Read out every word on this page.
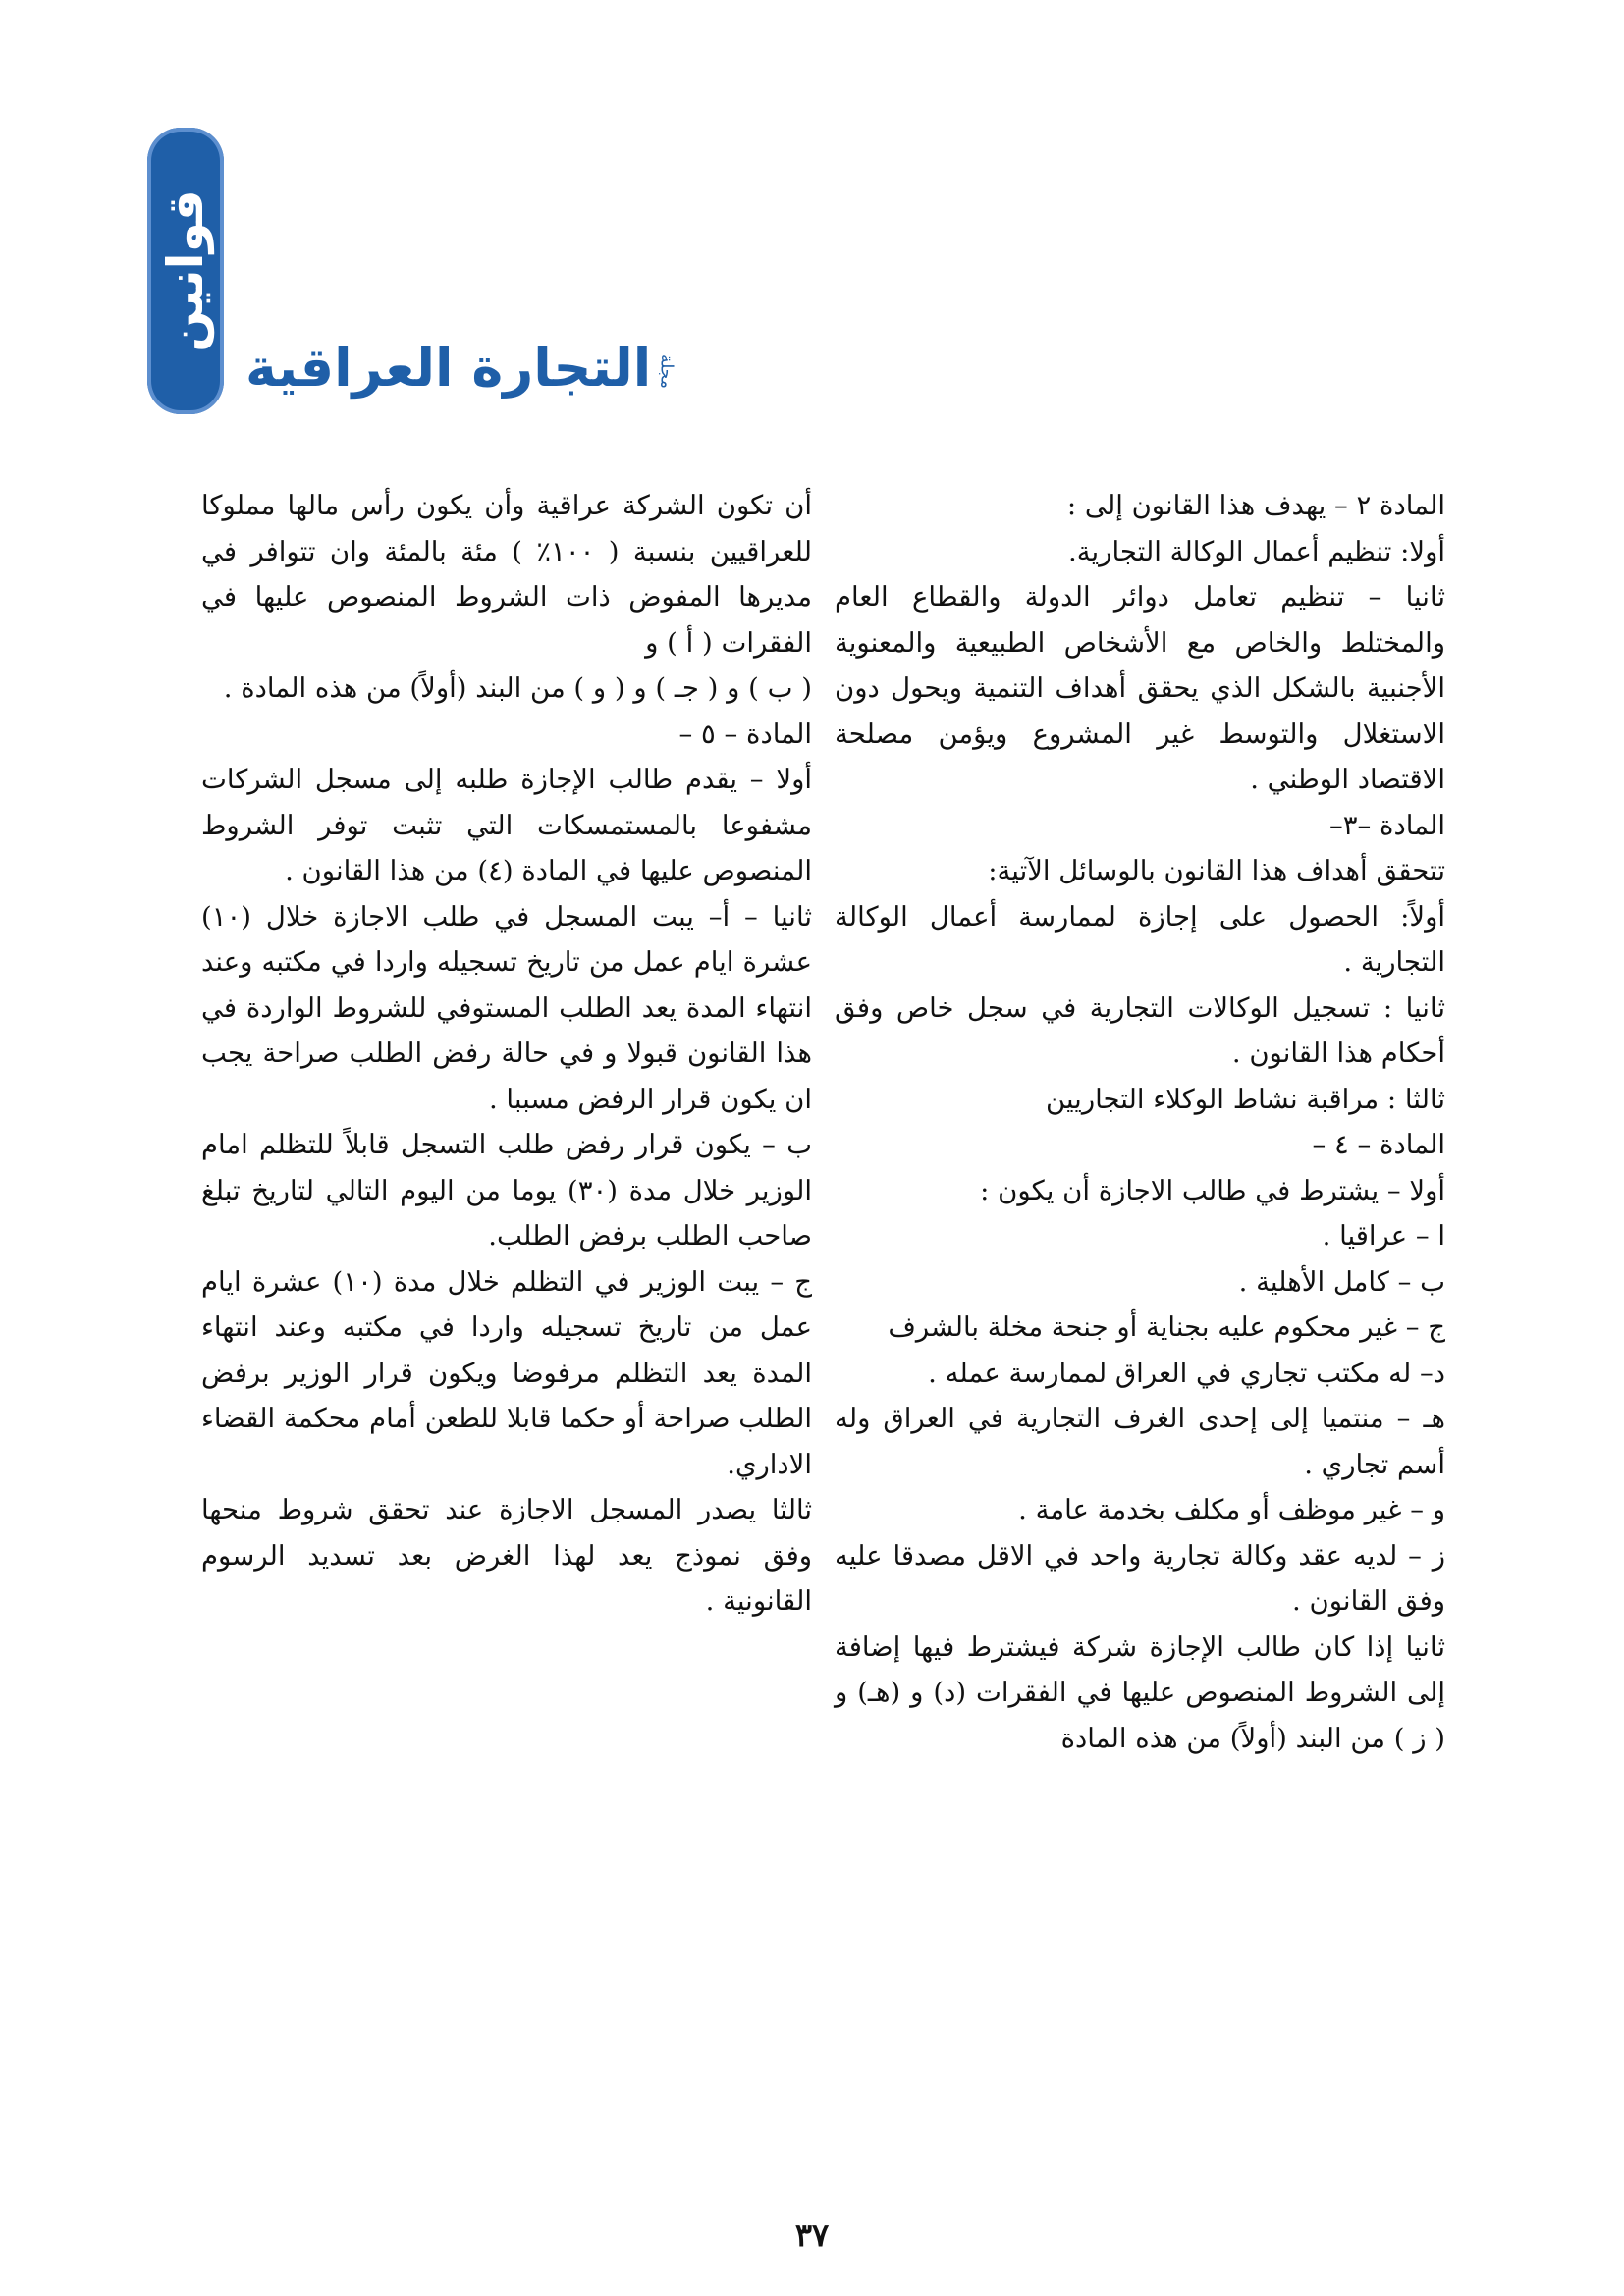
قوانين
التجارة العراقية مجلة

المادة ٢ – يهدف هذا القانون إلى :

أولا: تنظيم أعمال الوكالة التجارية.

ثانيا – تنظيم تعامل دوائر الدولة والقطاع العام والمختلط والخاص مع الأشخاص الطبيعية والمعنوية الأجنبية بالشكل الذي يحقق أهداف التنمية ويحول دون الاستغلال والتوسط غير المشروع ويؤمن مصلحة الاقتصاد الوطني .

المادة –٣–

تتحقق أهداف هذا القانون بالوسائل الآتية:

أولاً: الحصول على إجازة لممارسة أعمال الوكالة التجارية .

ثانيا : تسجيل الوكالات التجارية في سجل خاص وفق أحكام هذا القانون .

ثالثا : مراقبة نشاط الوكلاء التجاريين

المادة – ٤ –

أولا – يشترط في طالب الاجازة أن يكون :

ا – عراقيا .

ب – كامل الأهلية .

ج – غير محكوم عليه بجناية أو جنحة مخلة بالشرف

د– له مكتب تجاري في العراق لممارسة عمله .

هـ – منتميا إلى إحدى الغرف التجارية في العراق وله أسم تجاري .

و – غير موظف أو مكلف بخدمة عامة .

ز – لديه عقد وكالة تجارية واحد في الاقل مصدقا عليه وفق القانون .

ثانيا إذا كان طالب الإجازة شركة فيشترط فيها إضافة إلى الشروط المنصوص عليها في الفقرات (د) و (هـ) و ( ز ) من البند (أولاً) من هذه المادة

أن تكون الشركة عراقية وأن يكون رأس مالها مملوكا للعراقيين بنسبة ( ١٠٠٪ ) مئة بالمئة وان تتوافر في مديرها المفوض ذات الشروط المنصوص عليها في الفقرات ( أ ) و

( ب ) و ( جـ ) و ( و ) من البند (أولاً) من هذه المادة .

المادة – ٥ –

أولا – يقدم طالب الإجازة طلبه إلى مسجل الشركات مشفوعا بالمستمسكات التي تثبت توفر الشروط المنصوص عليها في المادة (٤) من هذا القانون .

ثانيا – أ– يبت المسجل في طلب الاجازة خلال (١٠) عشرة ايام عمل من تاريخ تسجيله واردا في مكتبه وعند انتهاء المدة يعد الطلب المستوفي للشروط الواردة في هذا القانون قبولا و في حالة رفض الطلب صراحة يجب ان يكون قرار الرفض مسببا .

ب – يكون قرار رفض طلب التسجل قابلاً للتظلم امام الوزير خلال مدة (٣٠) يوما من اليوم التالي لتاريخ تبلغ صاحب الطلب برفض الطلب.

ج – يبت الوزير في التظلم خلال مدة (١٠) عشرة ايام عمل من تاريخ تسجيله واردا في مكتبه وعند انتهاء المدة يعد التظلم مرفوضا ويكون قرار الوزير برفض الطلب صراحة أو حكما قابلا للطعن أمام محكمة القضاء الاداري.

ثالثا يصدر المسجل الاجازة عند تحقق شروط منحها وفق نموذج يعد لهذا الغرض بعد تسديد الرسوم القانونية .

٣٧
